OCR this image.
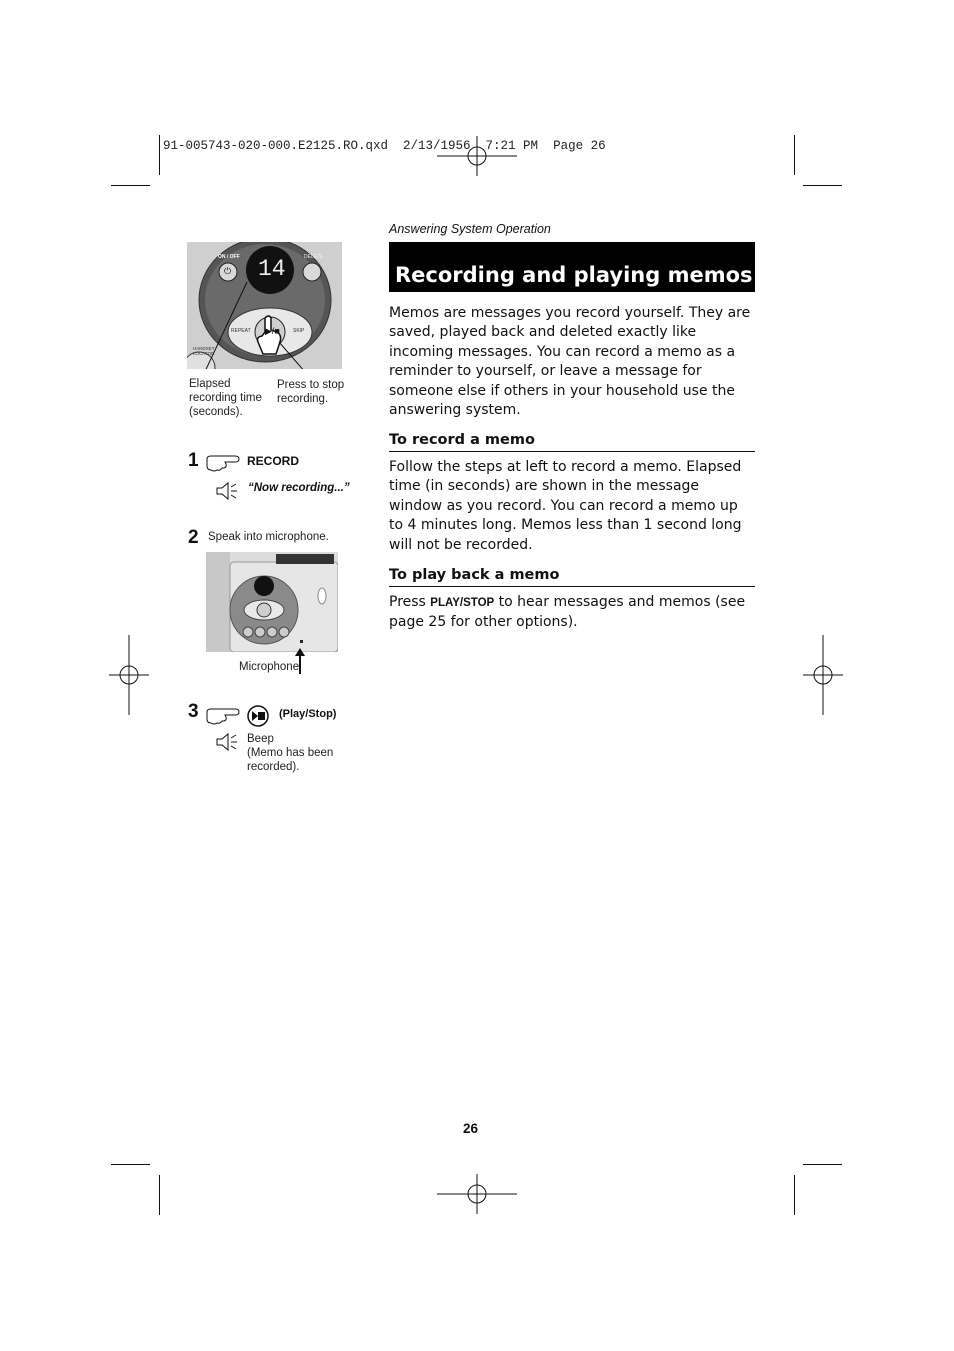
91-005743-020-000.E2125.RO.qxd  2/13/1956  7:21 PM  Page 26
Answering System Operation
Recording and playing memos
Memos are messages you record yourself. They are saved, played back and deleted exactly like incoming messages. You can record a memo as a reminder to yourself, or leave a message for someone else if others in your household use the answering system.
To record a memo
Follow the steps at left to record a memo. Elapsed time (in seconds) are shown in the message window as you record. You can record a memo up to 4 minutes long. Memos less than 1 second long will not be recorded.
To play back a memo
Press PLAY/STOP to hear messages and memos (see page 25 for other options).
14
ON / OFF	DELETE
REPEAT	SKIP
HANDSET LOCATOR
▶/■
⏻
Elapsed recording time (seconds).
Press to stop recording.
1	RECORD
“Now recording...”
2 Speak into microphone.
Microphone
3	(Play/Stop)
Beep
(Memo has been recorded).
26
